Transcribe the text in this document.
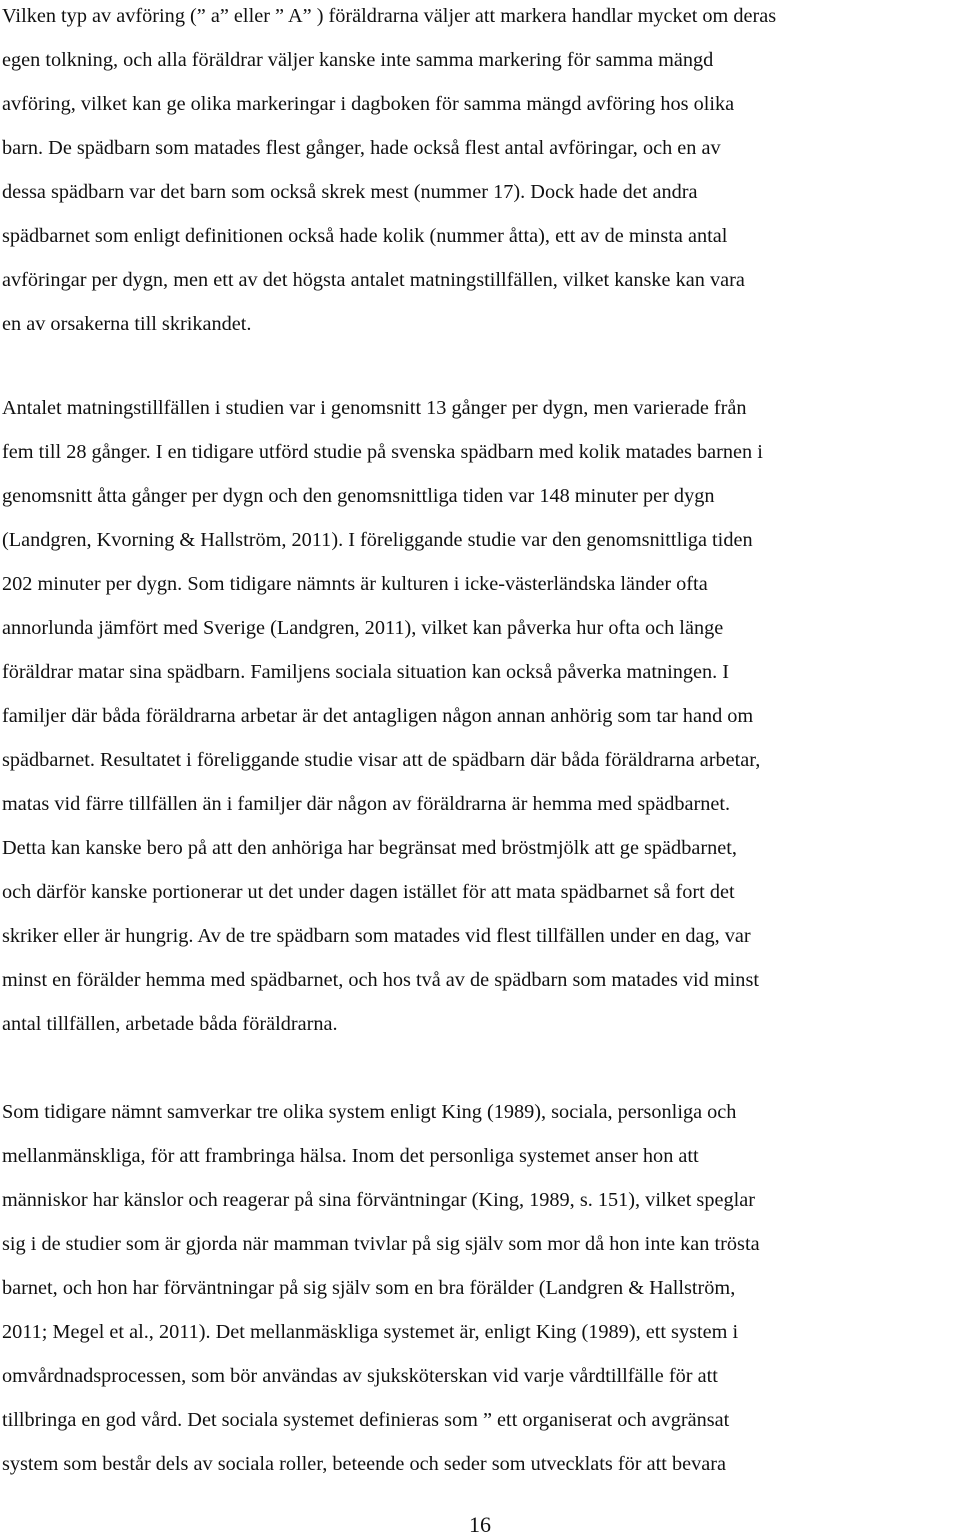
Vilken typ av avföring (” a” eller ” A” ) föräldrarna väljer att markera handlar mycket om deras
egen tolkning, och alla föräldrar väljer kanske inte samma markering för samma mängd
avföring, vilket kan ge olika markeringar i dagboken för samma mängd avföring hos olika
barn. De spädbarn som matades flest gånger, hade också flest antal avföringar, och en av
dessa spädbarn var det barn som också skrek mest (nummer 17). Dock hade det andra
spädbarnet som enligt definitionen också hade kolik (nummer åtta), ett av de minsta antal
avföringar per dygn, men ett av det högsta antalet matningstillfällen, vilket kanske kan vara
en av orsakerna till skrikandet.
Antalet matningstillfällen i studien var i genomsnitt 13 gånger per dygn, men varierade från
fem till 28 gånger. I en tidigare utförd studie på svenska spädbarn med kolik matades barnen i
genomsnitt åtta gånger per dygn och den genomsnittliga tiden var 148 minuter per dygn
(Landgren, Kvorning & Hallström, 2011). I föreliggande studie var den genomsnittliga tiden
202 minuter per dygn. Som tidigare nämnts är kulturen i icke-västerländska länder ofta
annorlunda jämfört med Sverige (Landgren, 2011), vilket kan påverka hur ofta och länge
föräldrar matar sina spädbarn. Familjens sociala situation kan också påverka matningen. I
familjer där båda föräldrarna arbetar är det antagligen någon annan anhörig som tar hand om
spädbarnet. Resultatet i föreliggande studie visar att de spädbarn där båda föräldrarna arbetar,
matas vid färre tillfällen än i familjer där någon av föräldrarna är hemma med spädbarnet.
Detta kan kanske bero på att den anhöriga har begränsat med bröstmjölk att ge spädbarnet,
och därför kanske portionerar ut det under dagen istället för att mata spädbarnet så fort det
skriker eller är hungrig. Av de tre spädbarn som matades vid flest tillfällen under en dag, var
minst en förälder hemma med spädbarnet, och hos två av de spädbarn som matades vid minst
antal tillfällen, arbetade båda föräldrarna.
Som tidigare nämnt samverkar tre olika system enligt King (1989), sociala, personliga och
mellanmänskliga, för att frambringa hälsa. Inom det personliga systemet anser hon att
människor har känslor och reagerar på sina förväntningar (King, 1989, s. 151), vilket speglar
sig i de studier som är gjorda när mamman tvivlar på sig själv som mor då hon inte kan trösta
barnet, och hon har förväntningar på sig själv som en bra förälder (Landgren & Hallström,
2011; Megel et al., 2011). Det mellanmäskliga systemet är, enligt King (1989), ett system i
omvårdnadsprocessen, som bör användas av sjuksköterskan vid varje vårdtillfälle för att
tillbringa en god vård. Det sociala systemet definieras som ” ett organiserat och avgränsat
system som består dels av sociala roller, beteende och seder som utvecklats för att bevara
16
